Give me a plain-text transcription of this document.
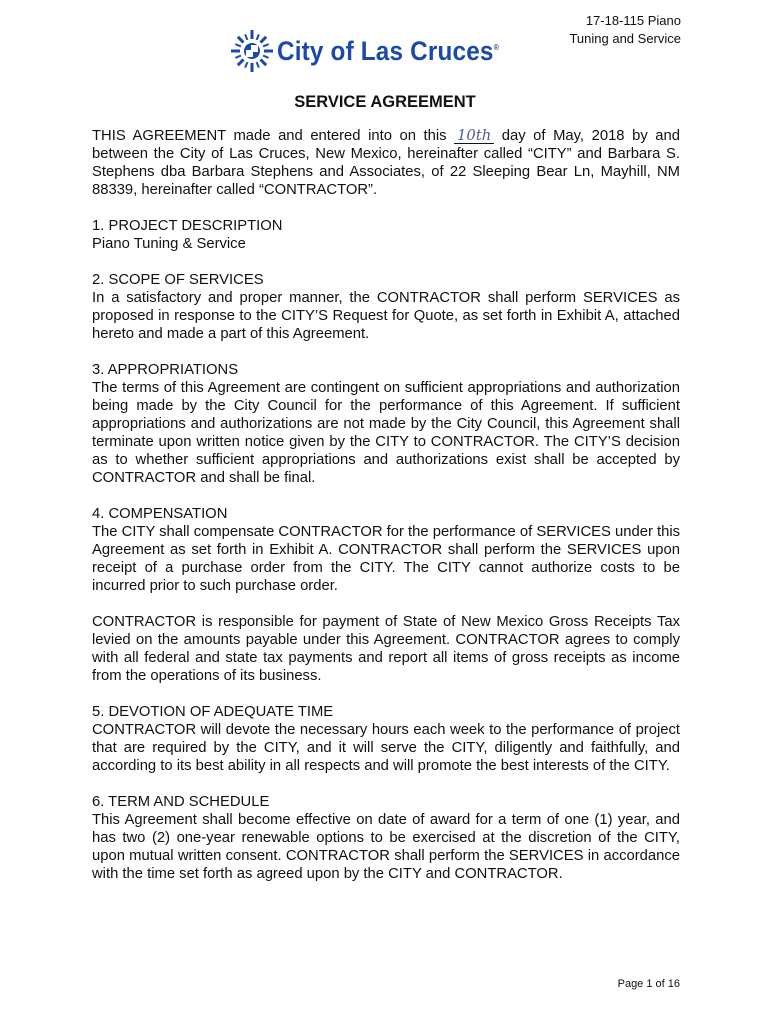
17-18-115 Piano
Tuning and Service
City of Las Cruces®
SERVICE AGREEMENT

THIS AGREEMENT made and entered into on this 10th day of May, 2018 by and between the City of Las Cruces, New Mexico, hereinafter called “CITY” and Barbara S. Stephens dba Barbara Stephens and Associates, of 22 Sleeping Bear Ln, Mayhill, NM 88339, hereinafter called “CONTRACTOR”.

1. PROJECT DESCRIPTION

Piano Tuning & Service

2. SCOPE OF SERVICES

In a satisfactory and proper manner, the CONTRACTOR shall perform SERVICES as proposed in response to the CITY’S Request for Quote, as set forth in Exhibit A, attached hereto and made a part of this Agreement.

3. APPROPRIATIONS

The terms of this Agreement are contingent on sufficient appropriations and authorization being made by the City Council for the performance of this Agreement. If sufficient appropriations and authorizations are not made by the City Council, this Agreement shall terminate upon written notice given by the CITY to CONTRACTOR. The CITY’S decision as to whether sufficient appropriations and authorizations exist shall be accepted by CONTRACTOR and shall be final.

4. COMPENSATION

The CITY shall compensate CONTRACTOR for the performance of SERVICES under this Agreement as set forth in Exhibit A. CONTRACTOR shall perform the SERVICES upon receipt of a purchase order from the CITY. The CITY cannot authorize costs to be incurred prior to such purchase order.

CONTRACTOR is responsible for payment of State of New Mexico Gross Receipts Tax levied on the amounts payable under this Agreement. CONTRACTOR agrees to comply with all federal and state tax payments and report all items of gross receipts as income from the operations of its business.

5. DEVOTION OF ADEQUATE TIME

CONTRACTOR will devote the necessary hours each week to the performance of project that are required by the CITY, and it will serve the CITY, diligently and faithfully, and according to its best ability in all respects and will promote the best interests of the CITY.

6. TERM AND SCHEDULE

This Agreement shall become effective on date of award for a term of one (1) year, and has two (2) one-year renewable options to be exercised at the discretion of the CITY, upon mutual written consent. CONTRACTOR shall perform the SERVICES in accordance with the time set forth as agreed upon by the CITY and CONTRACTOR.

Page 1 of 16
